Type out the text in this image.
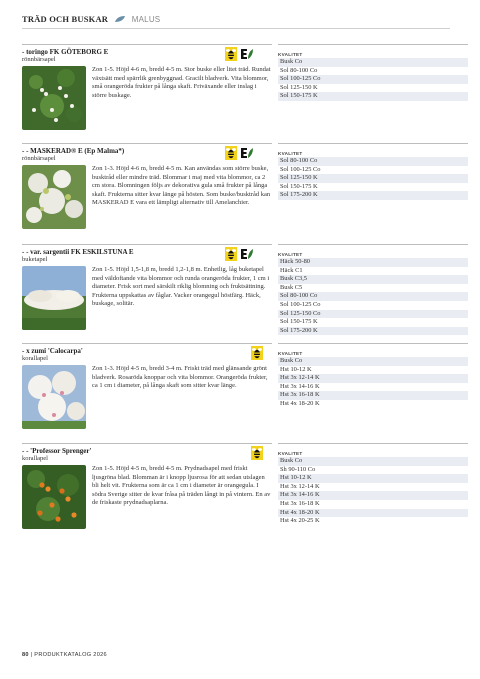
TRÄD OCH BUSKAR	MALUS
- toringo FK GÖTEBORG E
rönnbärsapel
Zon 1-5. Höjd 4-6 m, bredd 4-5 m. Stor buske eller litet träd. Rundat växtsätt med spärrlik grenbyggnad. Gracilt bladverk. Vita blommor, små orangeröda frukter på långa skaft. Friväxande eller inslag i större buskage.
KVALITET
Busk Co
Sol 80-100 Co
Sol 100-125 Co
Sol 125-150 K
Sol 150-175 K
- - MASKERAD® E (Ep Malma*)
rönnbärsapel
Zon 1-3. Höjd 4-6 m, bredd 4-5 m. Kan användas som större buske, busktråd eller mindre träd. Blommar i maj med vita blommor, ca 2 cm stora. Blomningen följs av dekorativa gula små frukter på långa skaft. Frukterna sitter kvar länge på hösten. Som buske/busktråd kan MASKERAD E vara ett lämpligt alternativ till Amelanchier.
KVALITET
Sol 80-100 Co
Sol 100-125 Co
Sol 125-150 K
Sol 150-175 K
Sol 175-200 K
- - var. sargentii FK ESKILSTUNA E
buketapel
Zon 1-5. Höjd 1,5-1,8 m, bredd 1,2-1,8 m. Enhetlig, låg buketapel med väldoftande vita blommor och runda orangeröda frukter, 1 cm i diameter. Frisk sort med särskilt riklig blomning och fruktsättning. Frukterna uppskattas av fåglar. Vacker orangegul höstfärg. Häck, buskage, solitär.
KVALITET
Häck 50-80
Häck C1
Busk C3,5
Busk C5
Sol 80-100 Co
Sol 100-125 Co
Sol 125-150 Co
Sol 150-175 K
Sol 175-200 K
- x zumi 'Calocarpa'
korallapel
Zon 1-3. Höjd 4-5 m, bredd 3-4 m. Friskt träd med glänsande grönt bladverk. Rosaröda knoppar och vita blommor. Orangeröda frukter, ca 1 cm i diameter, på långa skaft som sitter kvar länge.
KVALITET
Busk Co
Hst 10-12 K
Hst 3x 12-14 K
Hst 3x 14-16 K
Hst 3x 16-18 K
Hst 4x 18-20 K
- - 'Professor Sprenger'
korallapel
Zon 1-5. Höjd 4-5 m, bredd 4-5 m. Prydnadsapel med friskt ljusgröna blad. Blomman är i knopp ljusrosa för att sedan utslagen bli helt vit. Frukterna som är ca 1 cm i diameter är orangegula. I södra Sverige sitter de kvar fråsa på träden långt in på vintern. En av de friskaste prydnadsaplarna.
KVALITET
Busk Co
Sh 90-110 Co
Hst 10-12 K
Hst 3x 12-14 K
Hst 3x 14-16 K
Hst 3x 16-18 K
Hst 4x 18-20 K
Hst 4x 20-25 K
80 | PRODUKTKATALOG 2026
